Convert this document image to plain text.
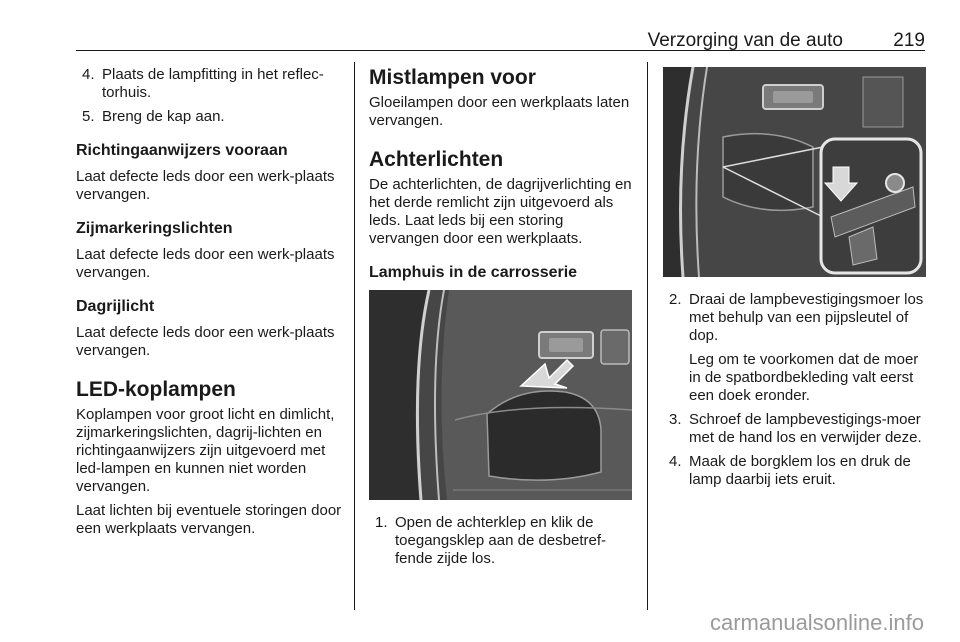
Verzorging van de auto	219
4. Plaats de lampfitting in het reflec-torhuis.
5. Breng de kap aan.
Richtingaanwijzers vooraan

Laat defecte leds door een werk-plaats vervangen.

Zijmarkeringslichten

Laat defecte leds door een werk-plaats vervangen.

Dagrijlicht

Laat defecte leds door een werk-plaats vervangen.

LED-koplampen

Koplampen voor groot licht en dimlicht, zijmarkeringslichten, dagrij-lichten en richtingaanwijzers zijn uitgevoerd met led-lampen en kunnen niet worden vervangen.

Laat lichten bij eventuele storingen door een werkplaats vervangen.

Mistlampen voor

Gloeilampen door een werkplaats laten vervangen.

Achterlichten

De achterlichten, de dagrijverlichting en het derde remlicht zijn uitgevoerd als leds. Laat leds bij een storing vervangen door een werkplaats.

Lamphuis in de carrosserie
1. Open de achterklep en klik de toegangsklep aan de desbetref-fende zijde los.
2. Draai de lampbevestigingsmoer los met behulp van een pijpsleutel of dop.

Leg om te voorkomen dat de moer in de spatbordbekleding valt eerst een doek eronder.

3. Schroef de lampbevestigings-moer met de hand los en verwijder deze.
4. Maak de borgklem los en druk de lamp daarbij iets eruit.
carmanualsonline.info
